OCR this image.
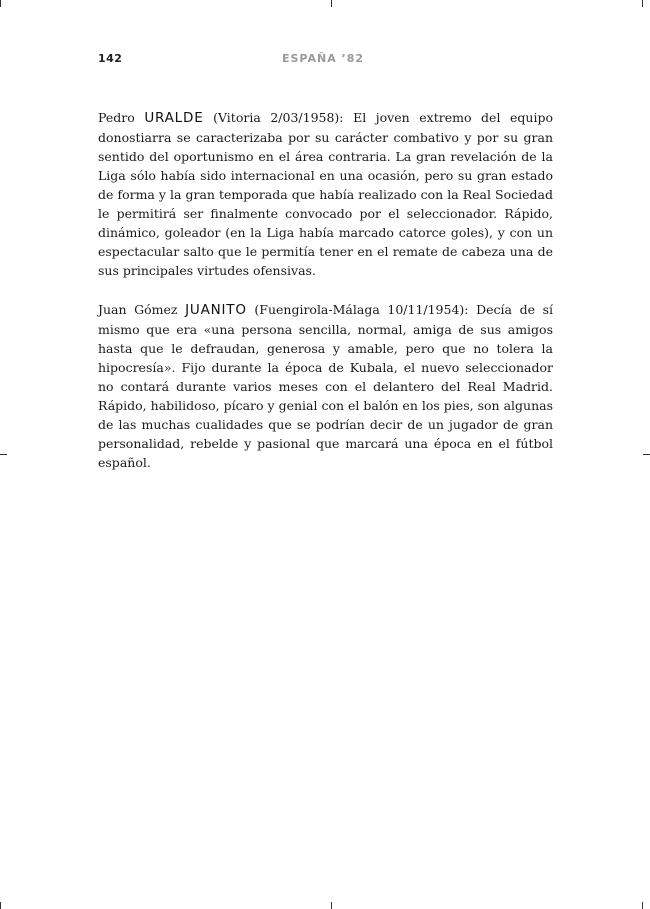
142	ESPAÑA ’82

Pedro URALDE (Vitoria 2/03/1958): El joven extremo del equipo donostiarra se caracterizaba por su carácter combativo y por su gran sentido del oportunismo en el área contraria. La gran revelación de la Liga sólo había sido internacional en una ocasión, pero su gran estado de forma y la gran temporada que había realizado con la Real Sociedad le permitirá ser finalmente convocado por el seleccionador. Rápido, dinámico, goleador (en la Liga había marcado catorce goles), y con un espectacular salto que le permitía tener en el remate de cabeza una de sus principales virtudes ofensivas.

Juan Gómez JUANITO (Fuengirola-Málaga 10/11/1954): Decía de sí mismo que era «una persona sencilla, normal, amiga de sus amigos hasta que le defraudan, generosa y amable, pero que no tolera la hipocresía». Fijo durante la época de Kubala, el nuevo seleccionador no contará durante varios meses con el delantero del Real Madrid. Rápido, habilidoso, pícaro y genial con el balón en los pies, son algunas de las muchas cualidades que se podrían decir de un jugador de gran personalidad, rebelde y pasional que marcará una época en el fútbol español.
